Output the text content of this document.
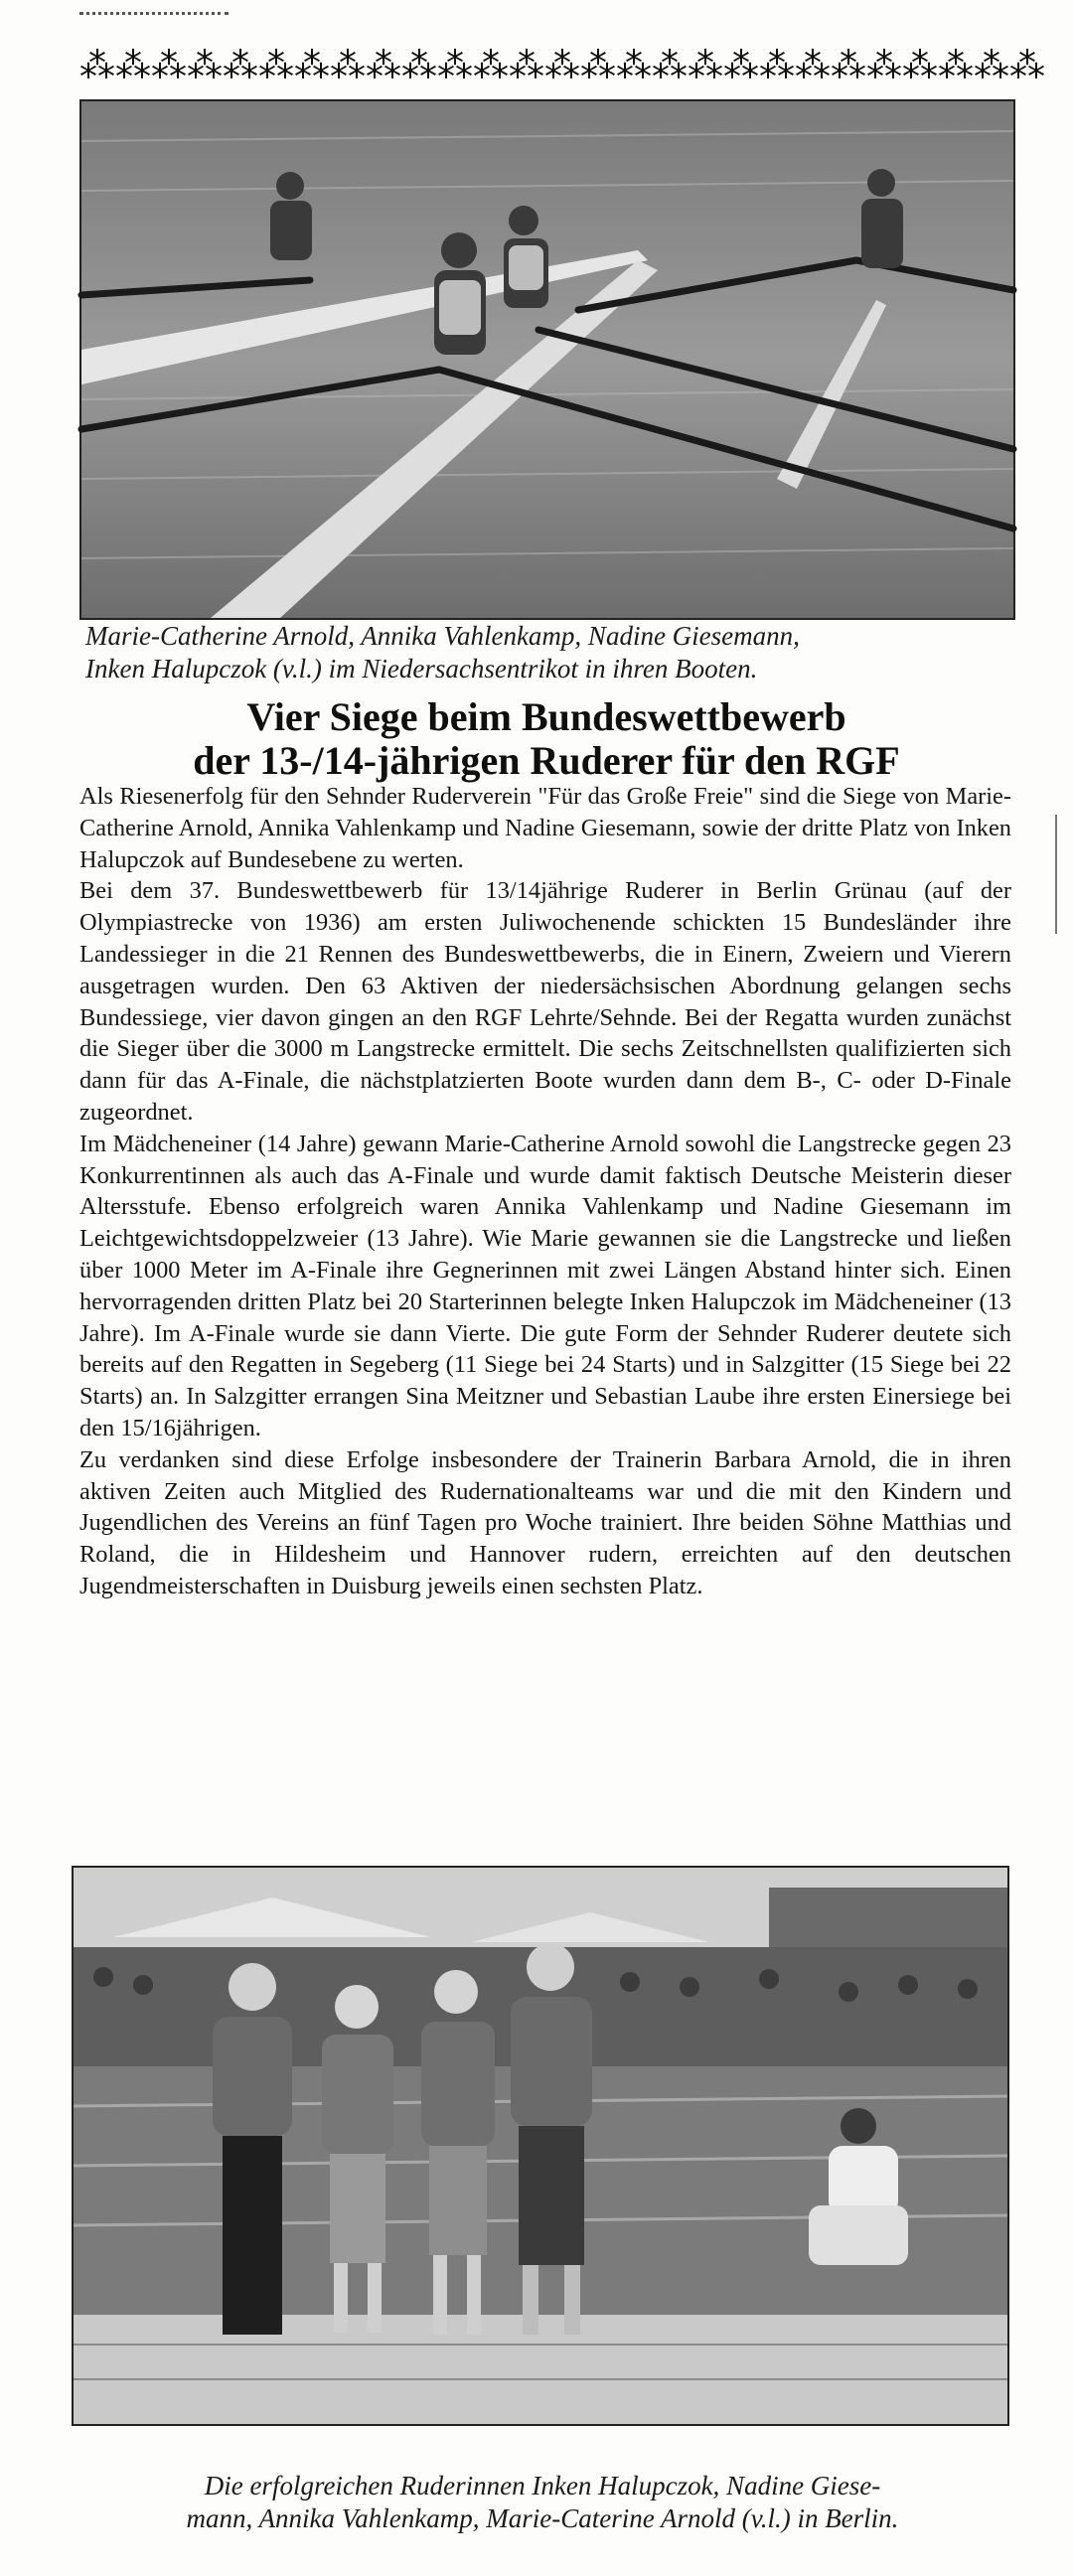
⁂ ⁂ ⁂ ⁂ ⁂ ⁂ ⁂ ⁂ ⁂ ⁂ ⁂ ⁂ ⁂ ⁂ ⁂ ⁂ ⁂ ⁂ ⁂ ⁂ ⁂ ⁂ ⁂ ⁂ ⁂ ⁂ ⁂
Marie-Catherine Arnold, Annika Vahlenkamp, Nadine Giesemann,
Inken Halupczok (v.l.) im Niedersachsentrikot in ihren Booten.
Vier Siege beim Bundeswettbewerb
der 13-/14-jährigen Ruderer für den RGF

Als Riesenerfolg für den Sehnder Ruderverein "Für das Große Freie" sind die Siege von Marie-Catherine Arnold, Annika Vahlenkamp und Nadine Giesemann, sowie der dritte Platz von Inken Halupczok auf Bundesebene zu werten.

Bei dem 37. Bundeswettbewerb für 13/14jährige Ruderer in Berlin Grünau (auf der Olympiastrecke von 1936) am ersten Juliwochenende schickten 15 Bundesländer ihre Landessieger in die 21 Rennen des Bundeswettbewerbs, die in Einern, Zweiern und Vierern ausgetragen wurden. Den 63 Aktiven der niedersächsischen Abordnung gelangen sechs Bundessiege, vier davon gingen an den RGF Lehrte/Sehnde. Bei der Regatta wurden zunächst die Sieger über die 3000 m Langstrecke ermittelt. Die sechs Zeitschnellsten qualifizierten sich dann für das A-Finale, die nächstplatzierten Boote wurden dann dem B-, C- oder D-Finale zugeordnet.

Im Mädcheneiner (14 Jahre) gewann Marie-Catherine Arnold sowohl die Langstrecke gegen 23 Konkurrentinnen als auch das A-Finale und wurde damit faktisch Deutsche Meisterin dieser Altersstufe. Ebenso erfolgreich waren Annika Vahlenkamp und Nadine Giesemann im Leichtgewichtsdoppelzweier (13 Jahre). Wie Marie gewannen sie die Langstrecke und ließen über 1000 Meter im A-Finale ihre Gegnerinnen mit zwei Längen Abstand hinter sich. Einen hervorragenden dritten Platz bei 20 Starterinnen belegte Inken Halupczok im Mädcheneiner (13 Jahre). Im A-Finale wurde sie dann Vierte. Die gute Form der Sehnder Ruderer deutete sich bereits auf den Regatten in Segeberg (11 Siege bei 24 Starts) und in Salzgitter (15 Siege bei 22 Starts) an. In Salzgitter errangen Sina Meitzner und Sebastian Laube ihre ersten Einersiege bei den 15/16jährigen.

Zu verdanken sind diese Erfolge insbesondere der Trainerin Barbara Arnold, die in ihren aktiven Zeiten auch Mitglied des Rudernationalteams war und die mit den Kindern und Jugendlichen des Vereins an fünf Tagen pro Woche trainiert. Ihre beiden Söhne Matthias und Roland, die in Hildesheim und Hannover rudern, erreichten auf den deutschen Jugendmeisterschaften in Duisburg jeweils einen sechsten Platz.

Die erfolgreichen Ruderinnen Inken Halupczok, Nadine Giese-
mann, Annika Vahlenkamp, Marie-Caterine Arnold (v.l.) in Berlin.
